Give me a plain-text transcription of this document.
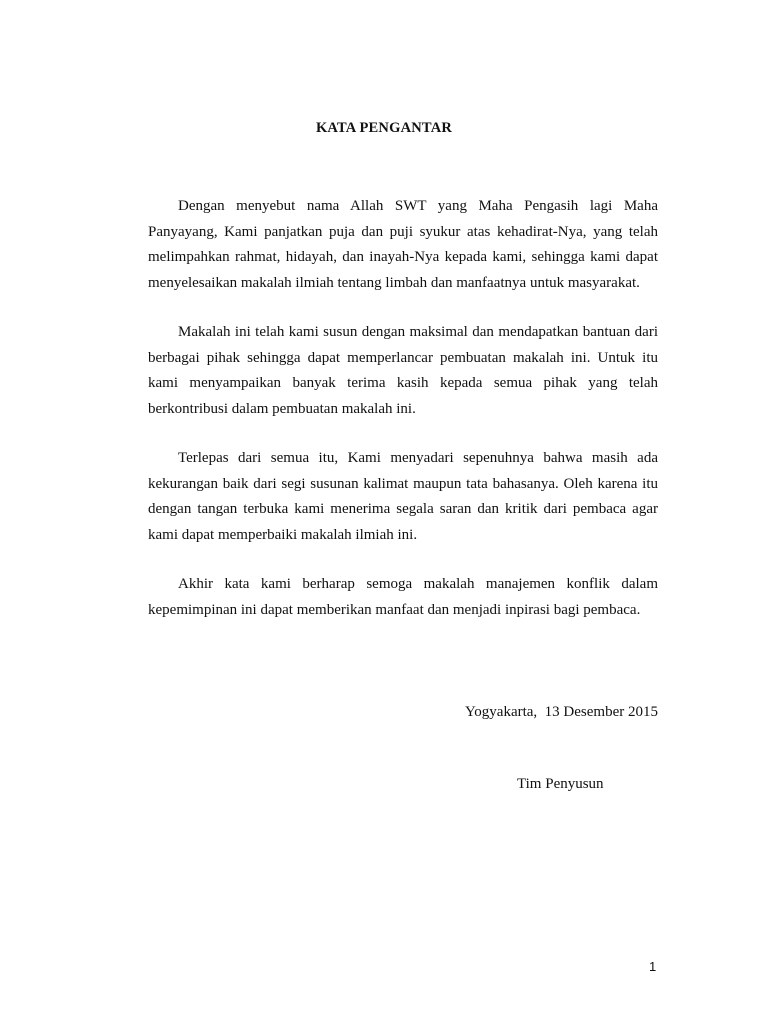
KATA PENGANTAR

Dengan menyebut nama Allah SWT yang Maha Pengasih lagi Maha Panyayang, Kami panjatkan puja dan puji syukur atas kehadirat-Nya, yang telah melimpahkan rahmat, hidayah, dan inayah-Nya kepada kami, sehingga kami dapat menyelesaikan makalah ilmiah tentang limbah dan manfaatnya untuk masyarakat.

Makalah ini telah kami susun dengan maksimal dan mendapatkan bantuan dari berbagai pihak sehingga dapat memperlancar pembuatan makalah ini. Untuk itu kami menyampaikan banyak terima kasih kepada semua pihak yang telah berkontribusi dalam pembuatan makalah ini.

Terlepas dari semua itu, Kami menyadari sepenuhnya bahwa masih ada kekurangan baik dari segi susunan kalimat maupun tata bahasanya. Oleh karena itu dengan tangan terbuka kami menerima segala saran dan kritik dari pembaca agar kami dapat memperbaiki makalah ilmiah ini.

Akhir kata kami berharap semoga makalah manajemen konflik dalam kepemimpinan ini dapat memberikan manfaat dan menjadi inpirasi bagi pembaca.

Yogyakarta,  13 Desember 2015
Tim Penyusun
1
